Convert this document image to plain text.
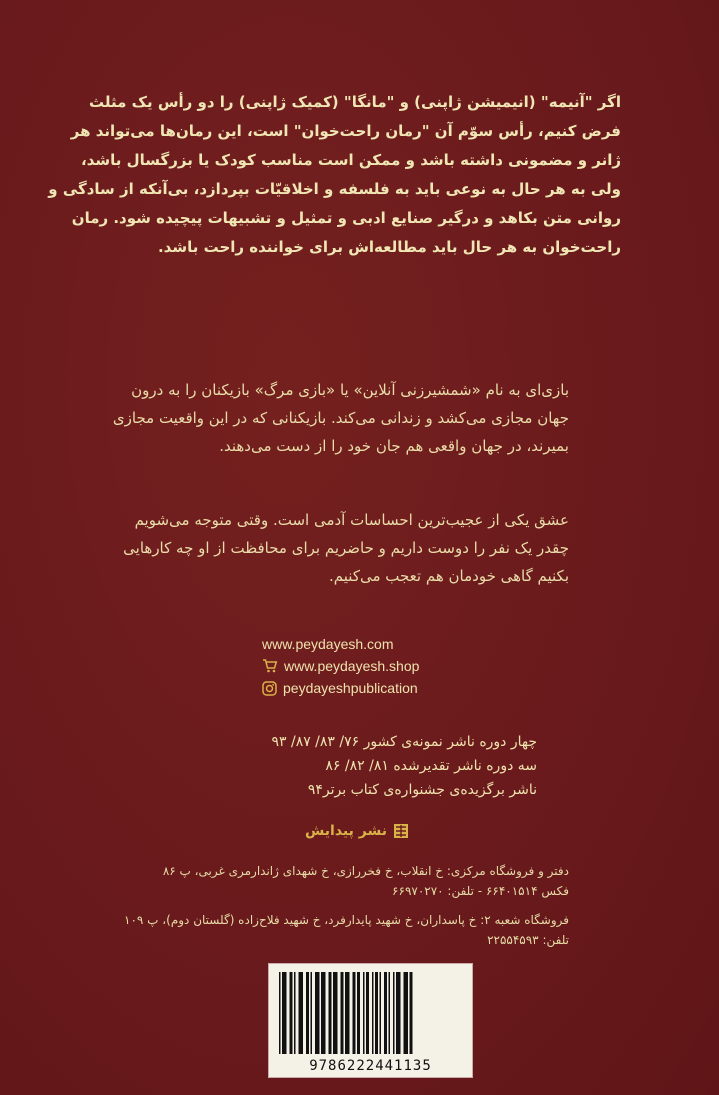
اگر "آنیمه" (انیمیشن ژاپنی) و "مانگا" (کمیک ژاپنی) را دو رأس یک مثلث
فرض کنیم، رأس سوّم آن "رمان راحت‌خوان" است، این رمان‌ها می‌تواند هر
ژانر و مضمونی داشته باشد و ممکن است مناسب کودک یا بزرگسال باشد،
ولی به هر حال به نوعی باید به فلسفه و اخلاقیّات بپردازد، بی‌آنکه از سادگی و
روانی متن بکاهد و درگیر صنایع ادبی و تمثیل و تشبیهات پیچیده شود. رمان
راحت‌خوان به هر حال باید مطالعه‌اش برای خواننده راحت باشد.
بازی‌ای به نام «شمشیرزنی آنلاین» یا «بازی مرگ» بازیکنان را به درون
جهان مجازی می‌کشد و زندانی می‌کند. بازیکنانی که در این واقعیت مجازی
بمیرند، در جهان واقعی هم جان خود را از دست می‌دهند.
عشق یکی از عجیب‌ترین احساسات آدمی است. وقتی متوجه می‌شویم
چقدر یک نفر را دوست داریم و حاضریم برای محافظت از او چه کارهایی
بکنیم گاهی خودمان هم تعجب می‌کنیم.
www.peydayesh.com
www.peydayesh.shop
peydayeshpublication
چهار دوره ناشر نمونه‌ی کشور ۷۶/ ۸۳/ ۸۷/ ۹۳
سه دوره ناشر تقدیرشده ۸۱/ ۸۲/ ۸۶
ناشر برگزیده‌ی جشنواره‌ی کتاب برتر۹۴
نشر پیدایش
دفتر و فروشگاه مرکزی: خ انقلاب، خ فخررازی، خ شهدای ژاندارمری غربی، پ ۸۶
فکس ۶۶۴۰۱۵۱۴ - تلفن: ۶۶۹۷۰۲۷۰
فروشگاه شعبه ۲: خ پاسداران، خ شهید پایدارفرد، خ شهید فلاح‌زاده (گلستان دوم)، پ ۱۰۹
تلفن: ۲۲۵۵۴۵۹۳
9786222441135
